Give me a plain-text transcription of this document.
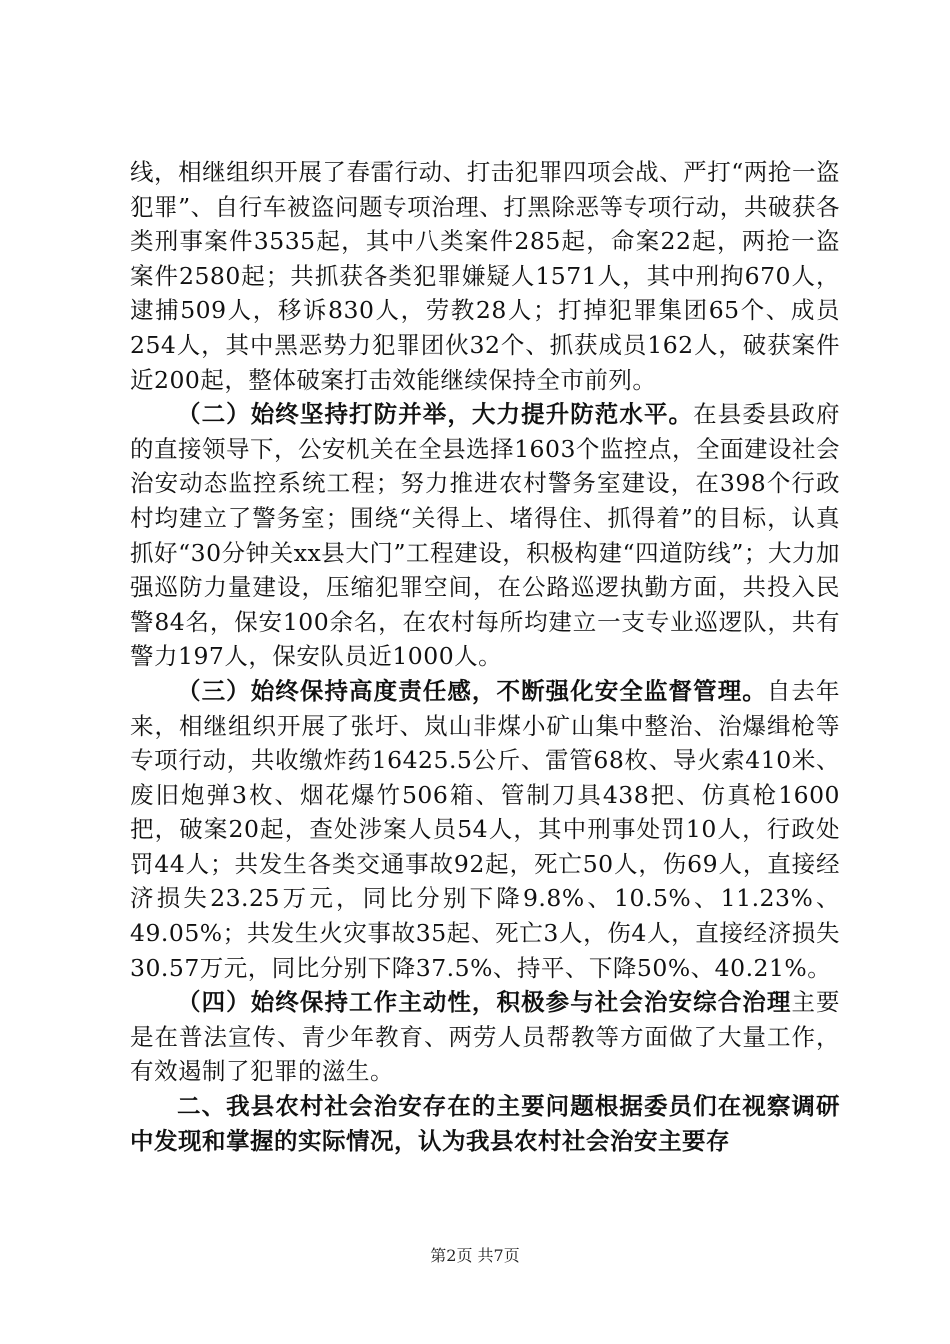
线，相继组织开展了春雷行动、打击犯罪四项会战、严打“两抢一盗犯罪”、自行车被盗问题专项治理、打黑除恶等专项行动，共破获各类刑事案件3535起，其中八类案件285起，命案22起，两抢一盗案件2580起；共抓获各类犯罪嫌疑人1571人，其中刑拘670人，逮捕509人，移诉830人，劳教28人；打掉犯罪集团65个、成员254人，其中黑恶势力犯罪团伙32个、抓获成员162人，破获案件近200起，整体破案打击效能继续保持全市前列。

（二）始终坚持打防并举，大力提升防范水平。在县委县政府的直接领导下，公安机关在全县选择1603个监控点，全面建设社会治安动态监控系统工程；努力推进农村警务室建设，在398个行政村均建立了警务室；围绕“关得上、堵得住、抓得着”的目标，认真抓好“30分钟关xx县大门”工程建设，积极构建“四道防线”；大力加强巡防力量建设，压缩犯罪空间，在公路巡逻执勤方面，共投入民警84名，保安100余名，在农村每所均建立一支专业巡逻队，共有警力197人，保安队员近1000人。

（三）始终保持高度责任感，不断强化安全监督管理。自去年来，相继组织开展了张圩、岚山非煤小矿山集中整治、治爆缉枪等专项行动，共收缴炸药16425.5公斤、雷管68枚、导火索410米、废旧炮弹3枚、烟花爆竹506箱、管制刀具438把、仿真枪1600把，破案20起，查处涉案人员54人，其中刑事处罚10人，行政处罚44人；共发生各类交通事故92起，死亡50人，伤69人，直接经济损失23.25万元，同比分别下降9.8%、10.5%、11.23%、49.05%；共发生火灾事故35起、死亡3人，伤4人，直接经济损失30.57万元，同比分别下降37.5%、持平、下降50%、40.21%。

（四）始终保持工作主动性，积极参与社会治安综合治理主要是在普法宣传、青少年教育、两劳人员帮教等方面做了大量工作，有效遏制了犯罪的滋生。

二、我县农村社会治安存在的主要问题根据委员们在视察调研中发现和掌握的实际情况，认为我县农村社会治安主要存

第2页 共7页
